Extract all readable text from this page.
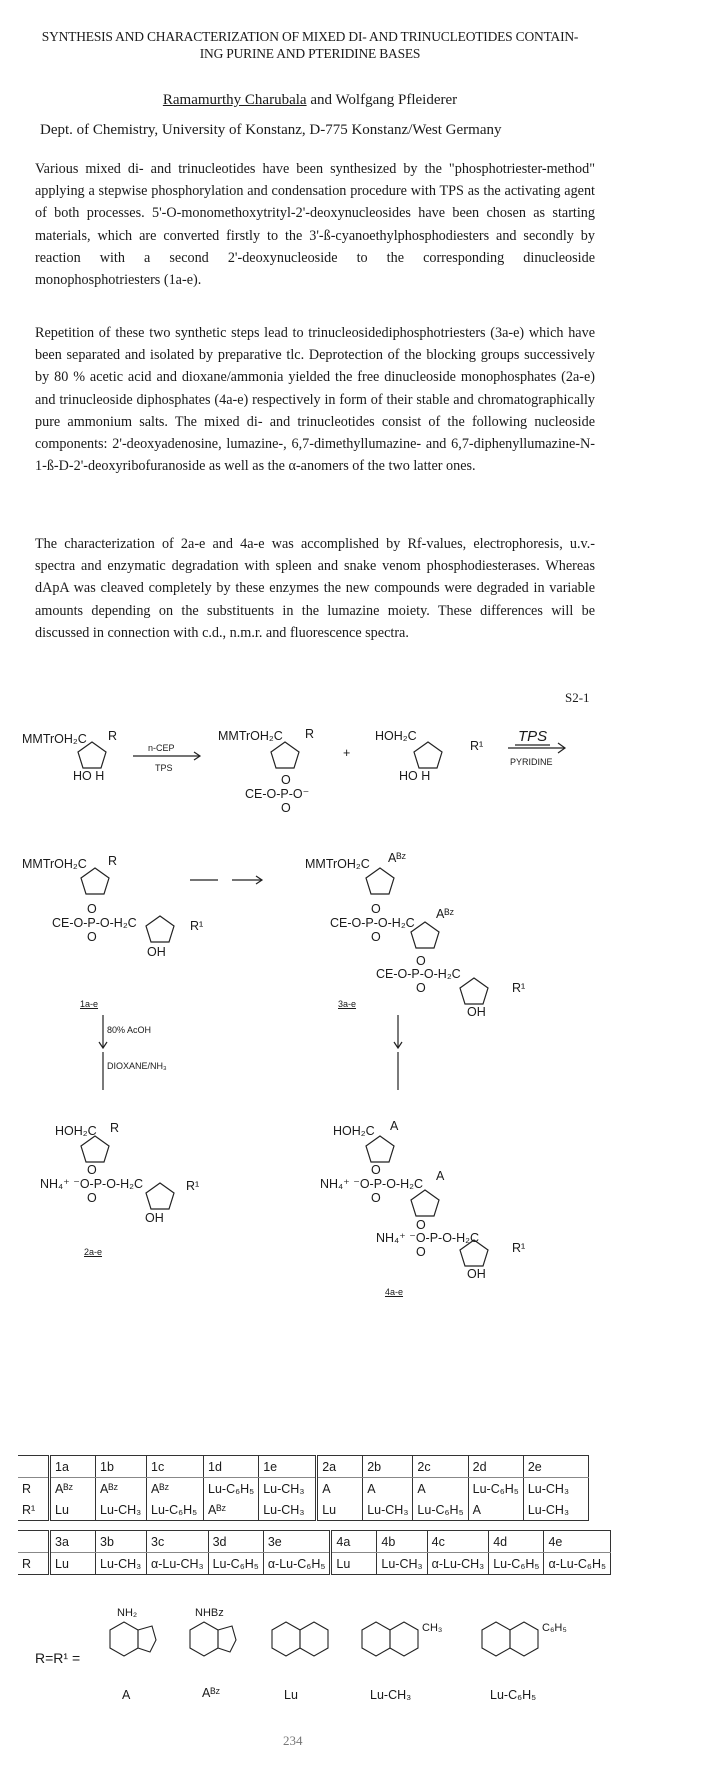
SYNTHESIS AND CHARACTERIZATION OF MIXED DI- AND TRINUCLEOTIDES CONTAIN-
ING PURINE AND PTERIDINE BASES
Ramamurthy Charubala and Wolfgang Pfleiderer
Dept. of Chemistry, University of Konstanz, D-775 Konstanz/West Germany

Various mixed di- and trinucleotides have been synthesized by the "phosphotriester-method" applying a stepwise phosphorylation and condensation procedure with TPS as the activating agent of both processes. 5'-O-monomethoxytrityl-2'-deoxynucleosides have been chosen as starting materials, which are converted firstly to the 3'-ß-cyanoethylphosphodiesters and secondly by reaction with a second 2'-deoxynucleoside to the corresponding dinucleoside monophosphotriesters (1a-e).

Repetition of these two synthetic steps lead to trinucleosidediphosphotriesters (3a-e) which have been separated and isolated by preparative tlc. Deprotection of the blocking groups successively by 80 % acetic acid and dioxane/ammonia yielded the free dinucleoside monophosphates (2a-e) and trinucleoside diphosphates (4a-e) respectively in form of their stable and chromatographically pure ammonium salts. The mixed di- and trinucleotides consist of the following nucleoside components: 2'-deoxyadenosine, lumazine-, 6,7-dimethyllumazine- and 6,7-diphenyllumazine-N-1-ß-D-2'-deoxyribofuranoside as well as the α-anomers of the two latter ones.

The characterization of 2a-e and 4a-e was accomplished by Rf-values, electrophoresis, u.v.-spectra and enzymatic degradation with spleen and snake venom phosphodiesterases. Whereas dApA was cleaved completely by these enzymes the new compounds were degraded in variable amounts depending on the substituents in the lumazine moiety. These differences will be discussed in connection with c.d., n.m.r. and fluorescence spectra.

S2-1
MMTrOH₂C R
HO H
n-CEP
TPS
MMTrOH₂C R
O
CE-O-P-O⁻
O
+
HOH₂C
R¹
HO H
TPS
PYRIDINE
MMTrOH₂C R
O
CE-O-P-O-H₂C
O
R¹
OH
1a-e
80% AcOH
DIOXANE/NH₃
MMTrOH₂C Aᴮᶻ
O
CE-O-P-O-H₂C
O
Aᴮᶻ
O
CE-O-P-O-H₂C
O	R¹
OH
3a-e
HOH₂C R
O
NH₄⁺ ⁻O-P-O-H₂C
O
R¹
OH
2a-e
HOH₂C A
O
NH₄⁺ ⁻O-P-O-H₂C
O
A
O
NH₄⁺ ⁻O-P-O-H₂C
O	R¹
OH
4a-e
	1a	1b	1c	1d	1e	2a	2b	2c	2d	2e
R	Aᴮᶻ	Aᴮᶻ	Aᴮᶻ	Lu-C₆H₅	Lu-CH₃	A	A	A	Lu-C₆H₅	Lu-CH₃
R¹	Lu	Lu-CH₃	Lu-C₆H₅	Aᴮᶻ	Lu-CH₃	Lu	Lu-CH₃	Lu-C₆H₅	A	Lu-CH₃
	3a	3b	3c	3d	3e	4a	4b	4c	4d	4e
R	Lu	Lu-CH₃	α-Lu-CH₃	Lu-C₆H₅	α-Lu-C₆H₅	Lu	Lu-CH₃	α-Lu-CH₃	Lu-C₆H₅	α-Lu-C₆H₅
R=R¹ =
NH₂	NHBz
CH₃	C₆H₅
A	Aᴮᶻ	Lu	Lu-CH₃	Lu-C₆H₅
234
